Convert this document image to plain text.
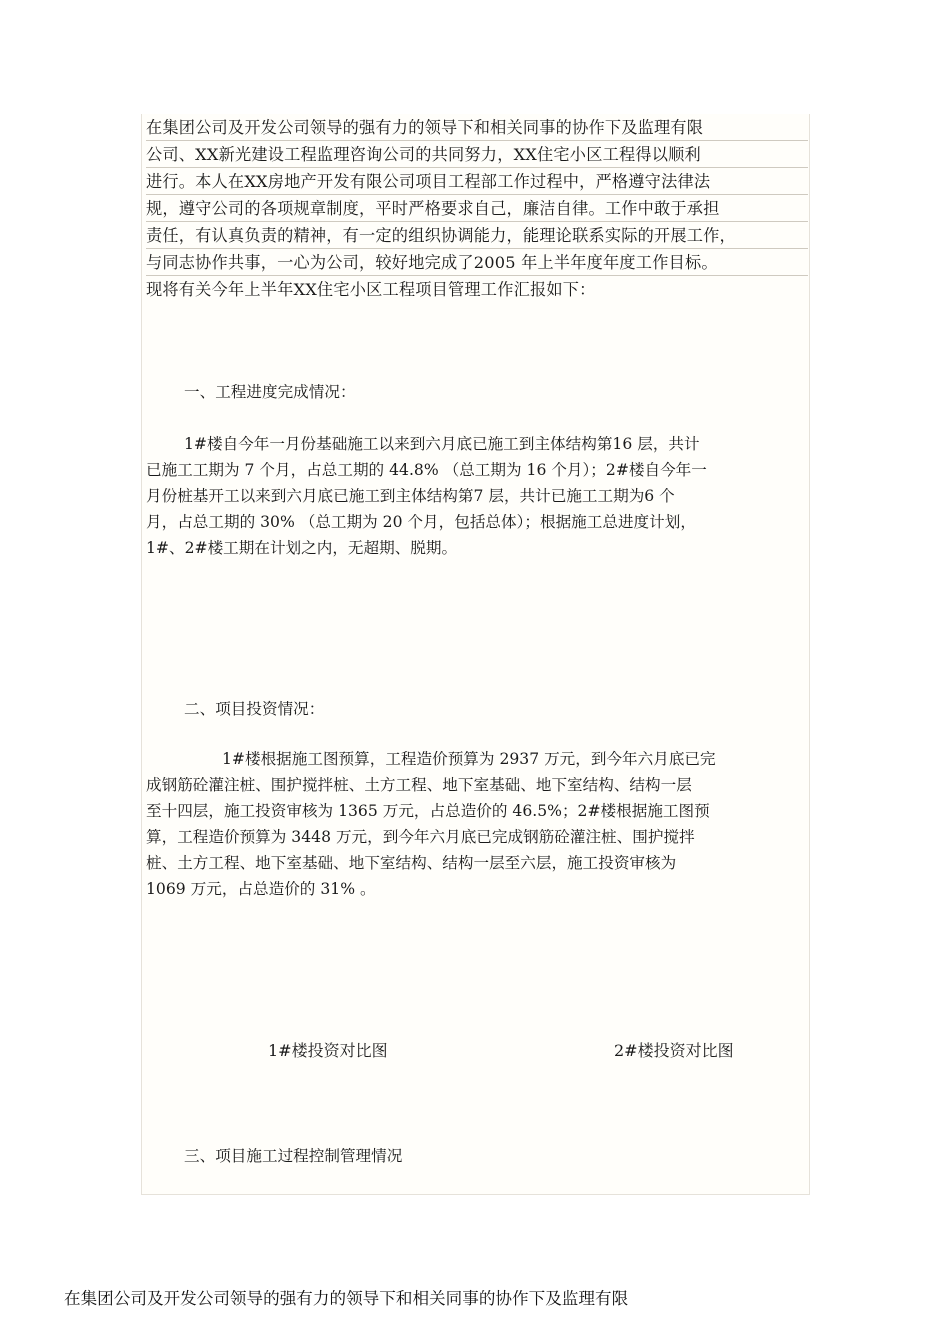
在集团公司及开发公司领导的强有力的领导下和相关同事的协作下及监理有限
公司、XX新光建设工程监理咨询公司的共同努力，XX住宅小区工程得以顺利
进行。本人在XX房地产开发有限公司项目工程部工作过程中，严格遵守法律法
规，遵守公司的各项规章制度，平时严格要求自己，廉洁自律。工作中敢于承担
责任，有认真负责的精神，有一定的组织协调能力，能理论联系实际的开展工作，
与同志协作共事，一心为公司，较好地完成了2005 年上半年度年度工作目标。
现将有关今年上半年XX住宅小区工程项目管理工作汇报如下：
一、工程进度完成情况：
1#楼自今年一月份基础施工以来到六月底已施工到主体结构第16 层，共计
已施工工期为 7 个月，占总工期的 44.8% （总工期为 16 个月）；2#楼自今年一
月份桩基开工以来到六月底已施工到主体结构第7 层，共计已施工工期为6 个
月，占总工期的 30% （总工期为 20 个月，包括总体）；根据施工总进度计划，
1#、2#楼工期在计划之内，无超期、脱期。
二、项目投资情况：
1#楼根据施工图预算，工程造价预算为 2937 万元，到今年六月底已完
成钢筋砼灌注桩、围护搅拌桩、土方工程、地下室基础、地下室结构、结构一层
至十四层，施工投资审核为 1365 万元，占总造价的 46.5%；2#楼根据施工图预
算，工程造价预算为 3448 万元，到今年六月底已完成钢筋砼灌注桩、围护搅拌
桩、土方工程、地下室基础、地下室结构、结构一层至六层，施工投资审核为
1069 万元，占总造价的 31% 。
1#楼投资对比图	2#楼投资对比图
三、项目施工过程控制管理情况
在集团公司及开发公司领导的强有力的领导下和相关同事的协作下及监理有限
